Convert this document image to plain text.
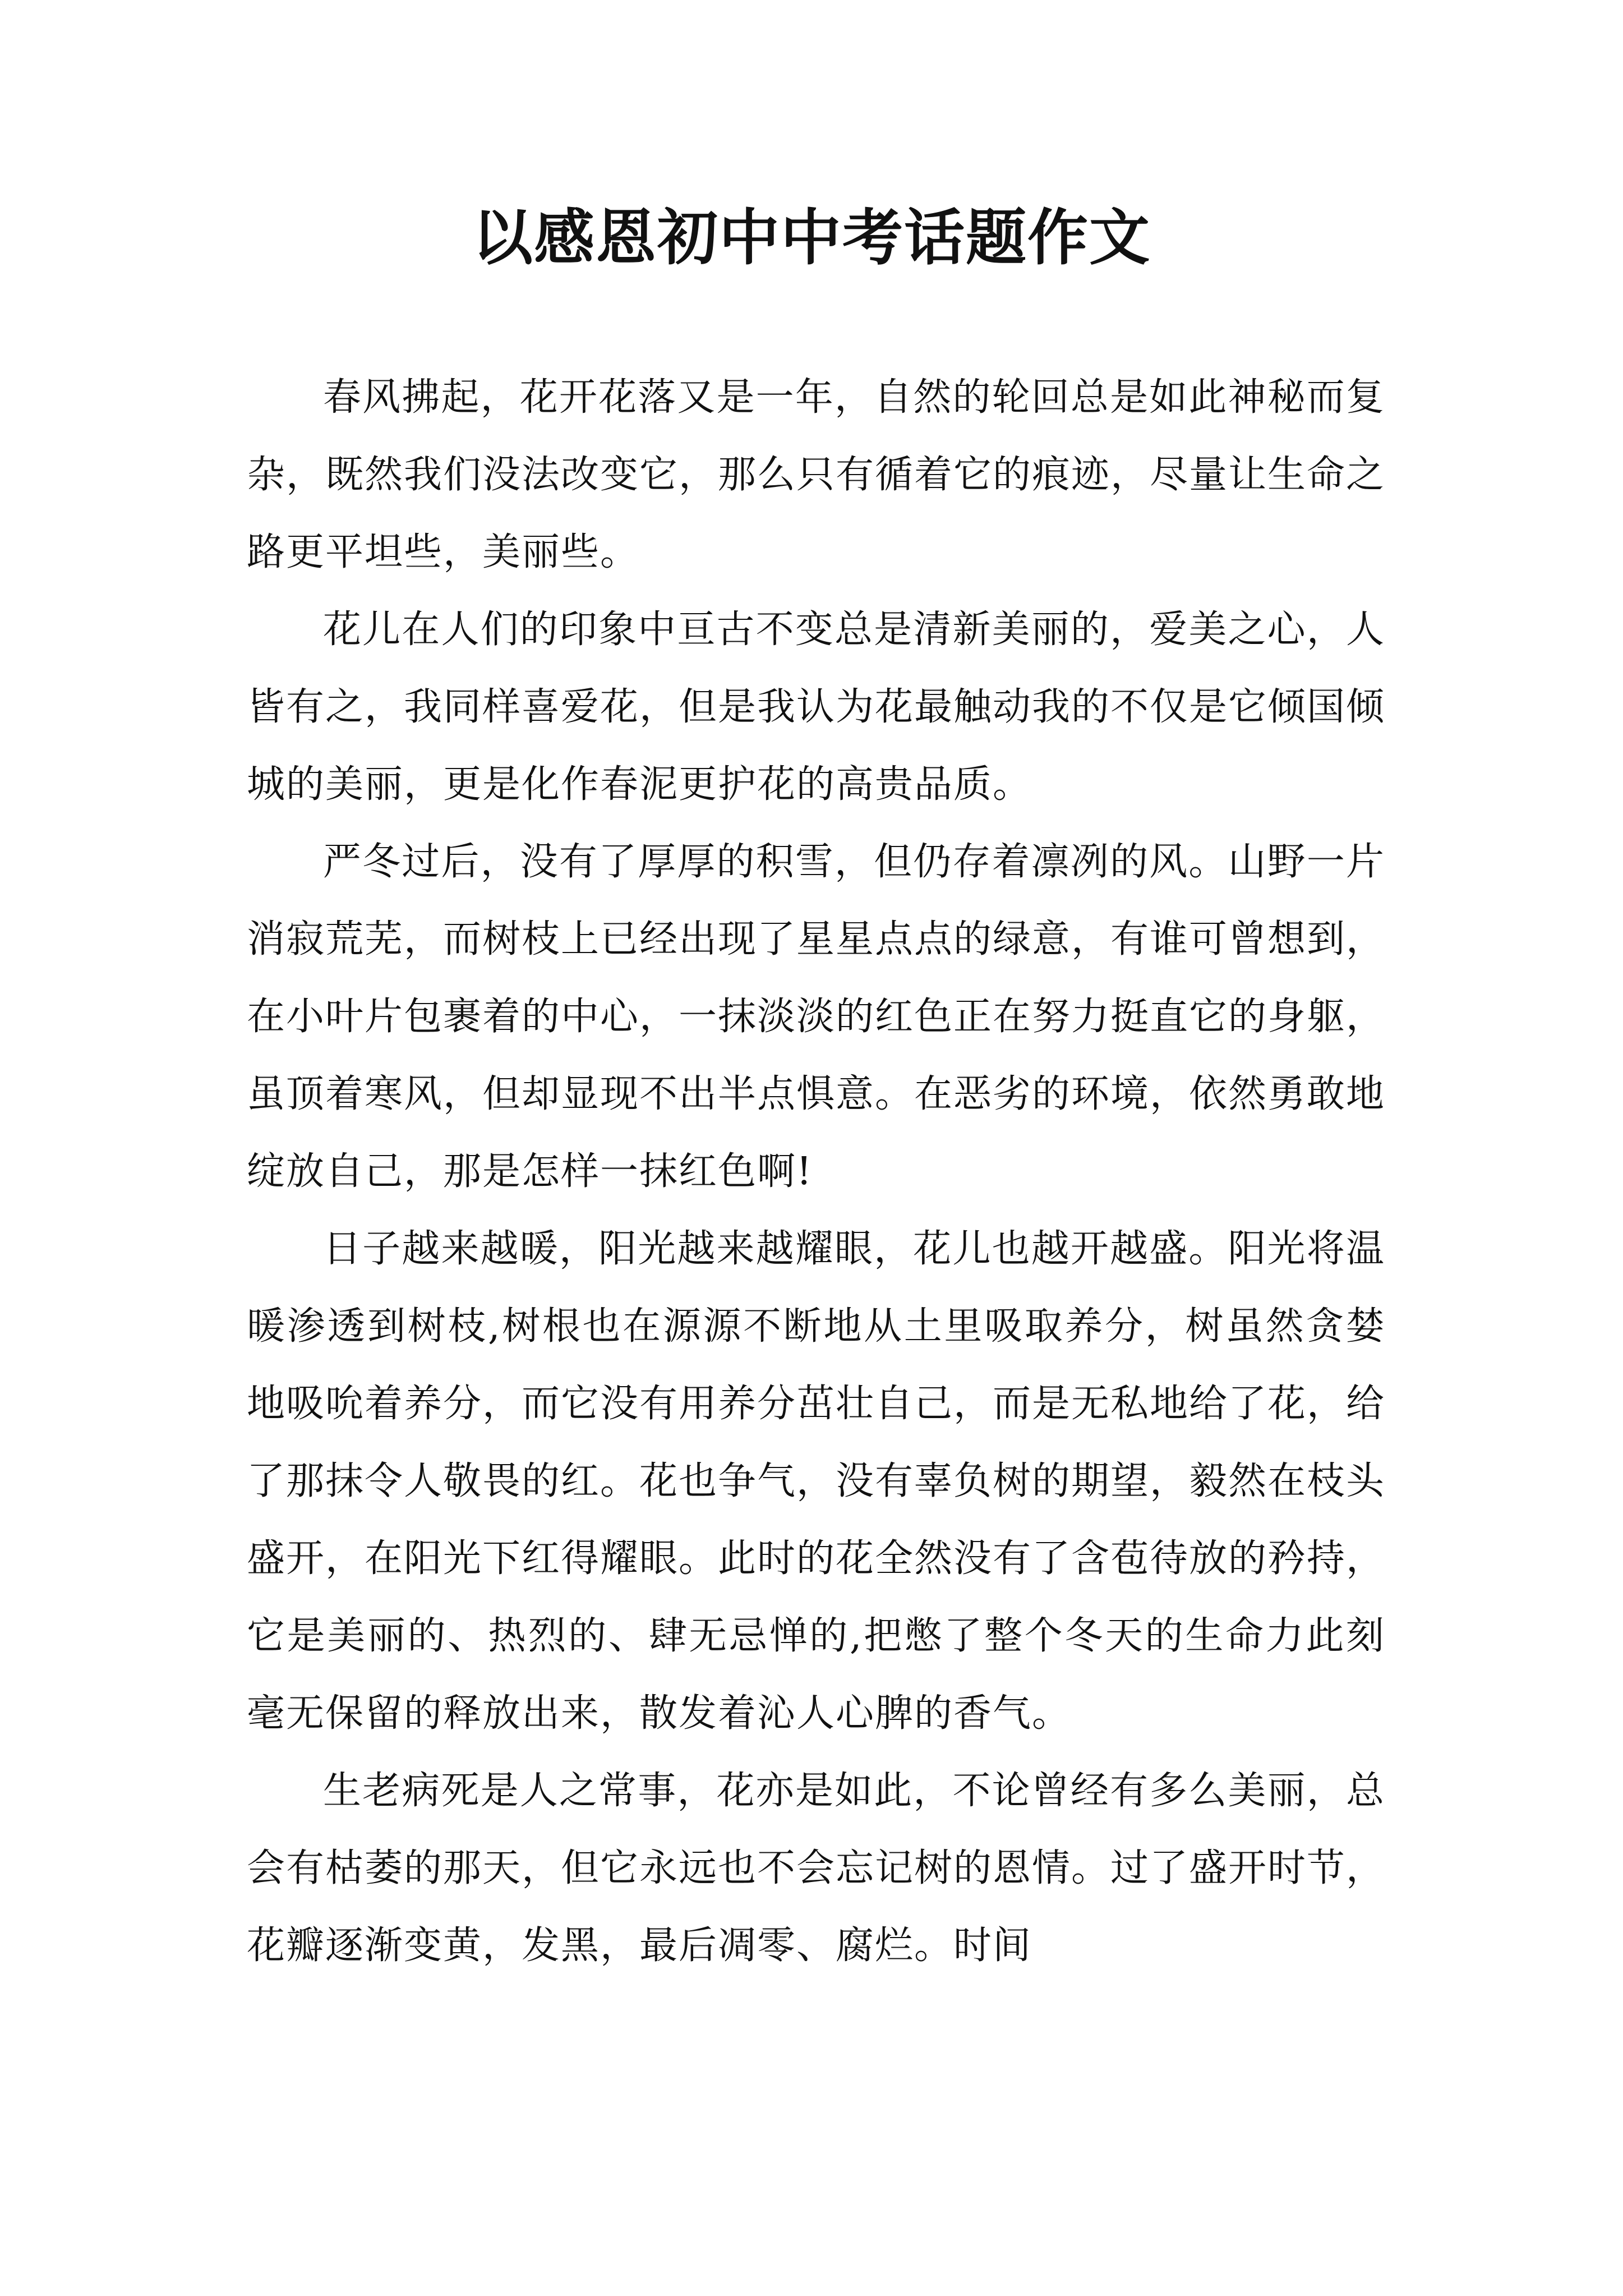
以感恩初中中考话题作文

春风拂起，花开花落又是一年，自然的轮回总是如此神秘而复杂，既然我们没法改变它，那么只有循着它的痕迹，尽量让生命之路更平坦些，美丽些。

花儿在人们的印象中亘古不变总是清新美丽的，爱美之心，人皆有之，我同样喜爱花，但是我认为花最触动我的不仅是它倾国倾城的美丽，更是化作春泥更护花的高贵品质。

严冬过后，没有了厚厚的积雪，但仍存着凛冽的风。山野一片消寂荒芜，而树枝上已经出现了星星点点的绿意，有谁可曾想到，在小叶片包裹着的中心，一抹淡淡的红色正在努力挺直它的身躯，虽顶着寒风，但却显现不出半点惧意。在恶劣的环境，依然勇敢地绽放自己，那是怎样一抹红色啊!

日子越来越暖，阳光越来越耀眼，花儿也越开越盛。阳光将温暖渗透到树枝,树根也在源源不断地从土里吸取养分，树虽然贪婪地吸吮着养分，而它没有用养分茁壮自己，而是无私地给了花，给了那抹令人敬畏的红。花也争气，没有辜负树的期望，毅然在枝头盛开，在阳光下红得耀眼。此时的花全然没有了含苞待放的矜持，它是美丽的、热烈的、肆无忌惮的,把憋了整个冬天的生命力此刻毫无保留的释放出来，散发着沁人心脾的香气。

生老病死是人之常事，花亦是如此，不论曾经有多么美丽，总会有枯萎的那天，但它永远也不会忘记树的恩情。过了盛开时节，花瓣逐渐变黄，发黑，最后凋零、腐烂。时间
